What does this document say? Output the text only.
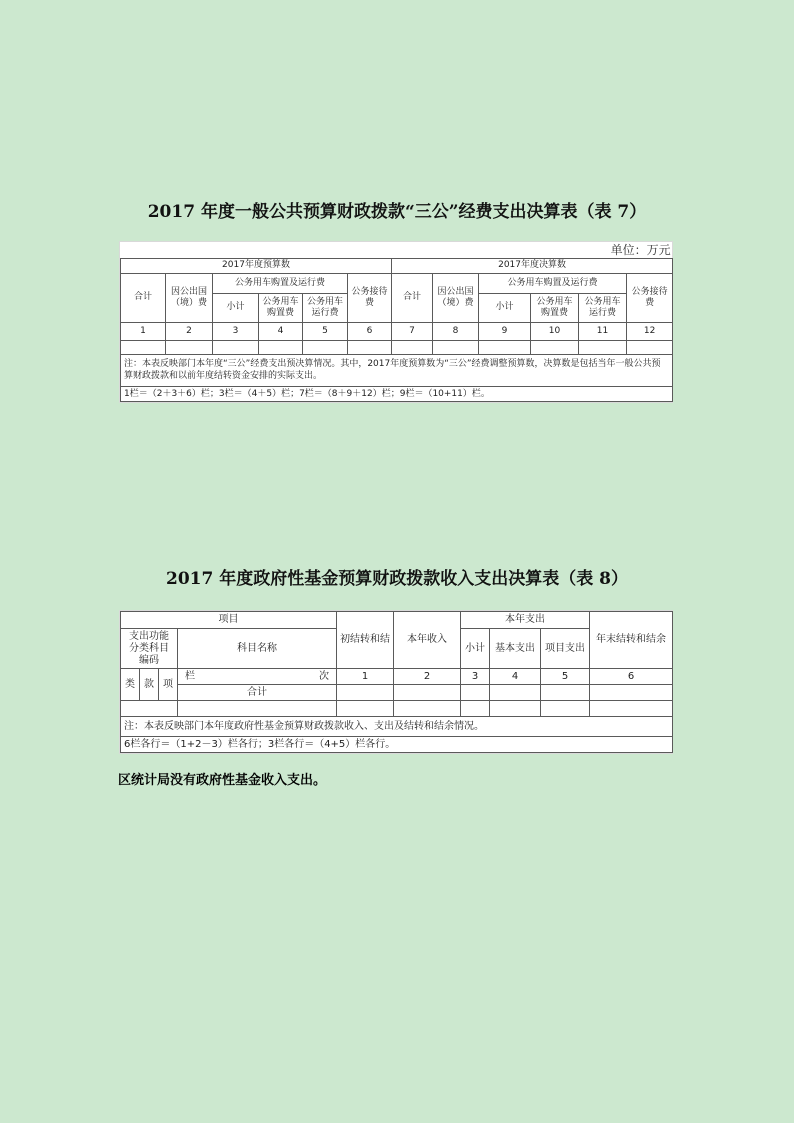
2017 年度一般公共预算财政拨款“三公”经费支出决算表（表 7）
单位：万元											
2017年度预算数						2017年度决算数					
合计	因公出国（境）费	公务用车购置及运行费			公务接待费	合计	因公出国（境）费	公务用车购置及运行费			公务接待费
		小计	公务用车购置费	公务用车运行费				小计	公务用车购置费	公务用车运行费	
1	2	3	4	5	6	7	8	9	10	11	12

注：本表反映部门本年度“三公”经费支出预决算情况。其中，2017年度预算数为“三公”经费调整预算数，决算数是包括当年一般公共预算财政拨款和以前年度结转资金安排的实际支出。											
1栏＝（2＋3＋6）栏；3栏＝（4＋5）栏；7栏＝（8＋9＋12）栏；9栏＝（10+11）栏。											
2017 年度政府性基金预算财政拨款收入支出决算表（表 8）
项目				初结转和结	本年收入	本年支出			年末结转和结余
支出功能分类科目编码			科目名称			小计	基本支出	项目支出	
类	款	项	栏 次	1	2	3	4	5	6
			合计						

注：本表反映部门本年度政府性基金预算财政拨款收入、支出及结转和结余情况。									
6栏各行＝（1+2－3）栏各行；3栏各行＝（4+5）栏各行。									
区统计局没有政府性基金收入支出。
